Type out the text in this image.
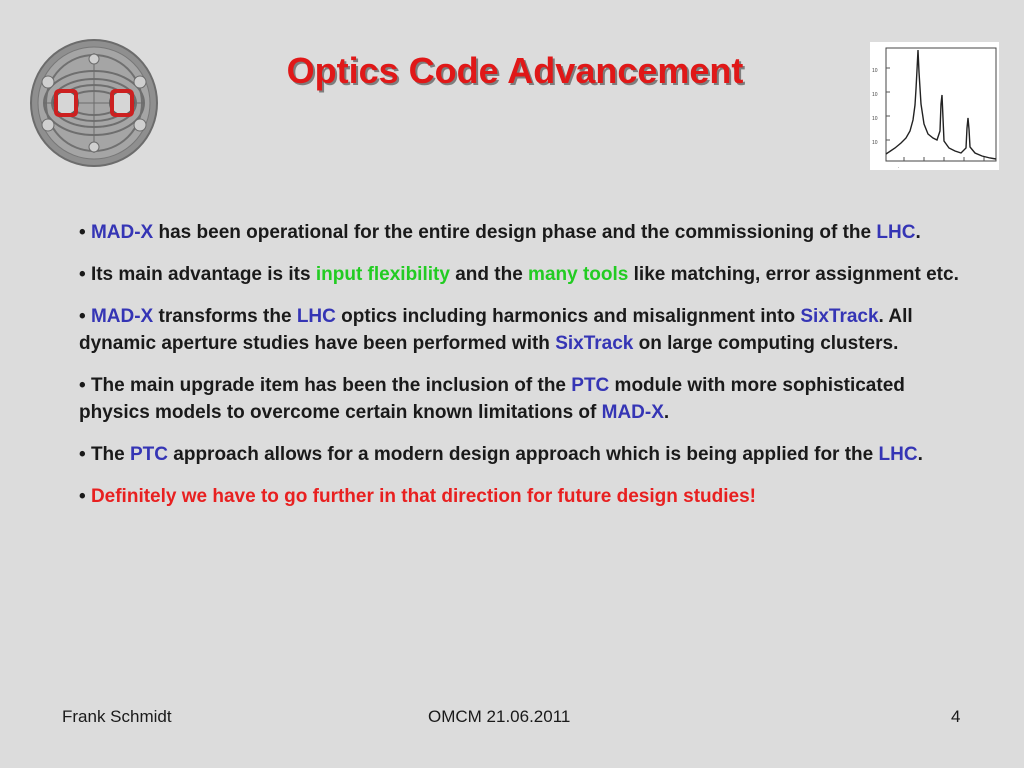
Optics Code Advancement	10
10
10
10
.
• MAD-X has been operational for the entire design phase and the commissioning of the LHC.
• Its main advantage is its input flexibility and the many tools like matching, error assignment etc.
• MAD-X transforms the LHC optics including harmonics and misalignment into SixTrack. All dynamic aperture studies have been performed with SixTrack on large computing clusters.
• The main upgrade item has been the inclusion of the PTC module with more sophisticated physics models to overcome certain known limitations of MAD-X.
• The PTC approach allows for a modern design approach which is being applied for the LHC.
• Definitely we have to go further in that direction for future design studies!
Frank Schmidt	OMCM 21.06.2011	4
